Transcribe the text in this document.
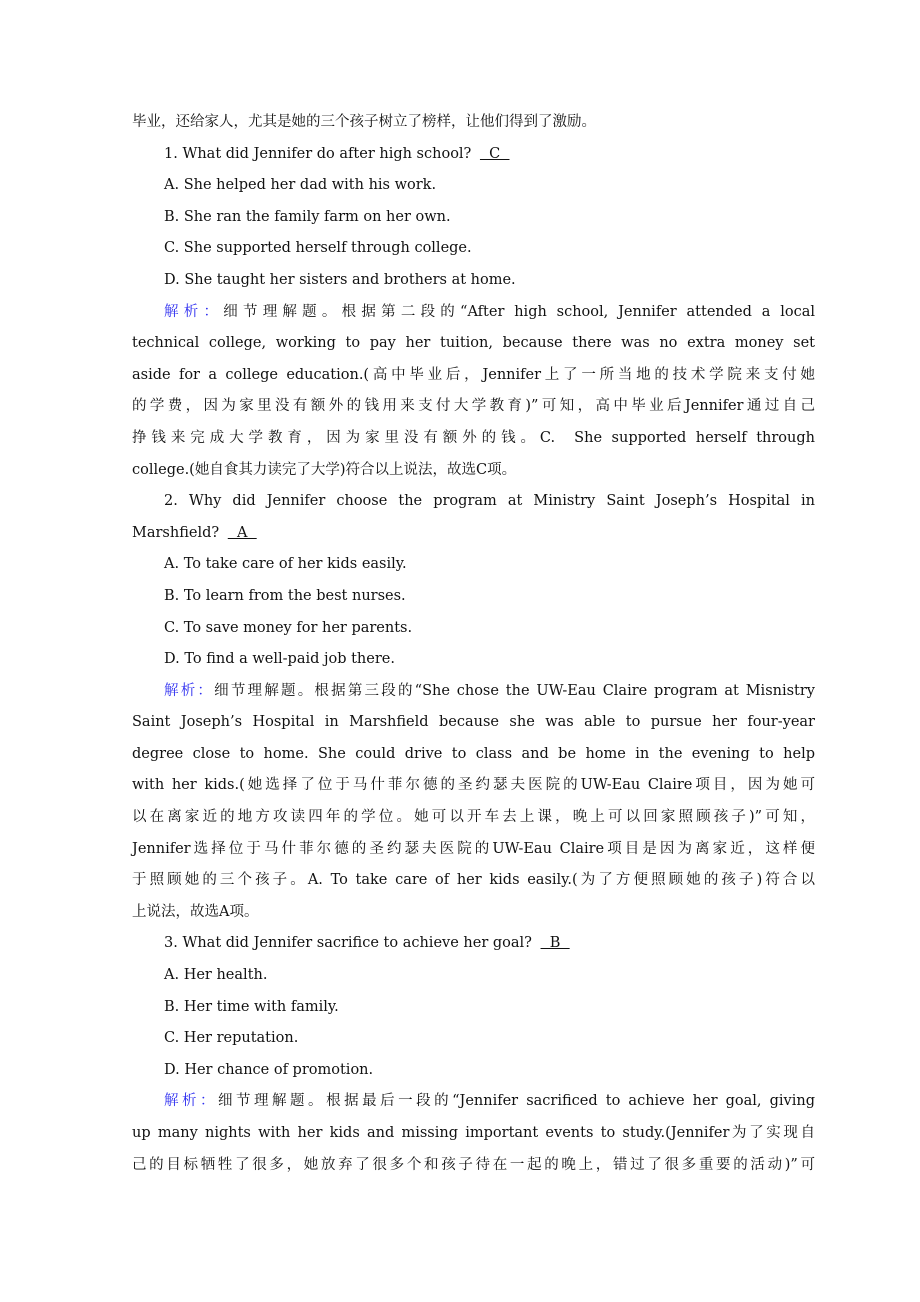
毕业，还给家人，尤其是她的三个孩子树立了榜样，让他们得到了激励。
1. What did Jennifer do after high school?   C
A. She helped her dad with his work.
B. She ran the family farm on her own.
C. She supported herself through college.
D. She taught her sisters and brothers at home.
解析：细节理解题。根据第二段的“After high school, Jennifer attended a local
technical college, working to pay her tuition, because there was no extra money set
aside for a college education.(高中毕业后，Jennifer上了一所当地的技术学院来支付她
的学费，因为家里没有额外的钱用来支付大学教育)”可知，高中毕业后Jennifer通过自己
挣钱来完成大学教育，因为家里没有额外的钱。C.  She supported herself through
college.(她自食其力读完了大学)符合以上说法，故选C项。
2. Why did Jennifer choose the program at Ministry Saint Joseph’s Hospital in
Marshfield?   A
A. To take care of her kids easily.
B. To learn from the best nurses.
C. To save money for her parents.
D. To find a well-paid job there.
解析：细节理解题。根据第三段的“She chose the UW-Eau Claire program at Misnistry
Saint Joseph’s Hospital in Marshfield because she was able to pursue her four-year
degree close to home. She could drive to class and be home in the evening to help
with her kids.(她选择了位于马什菲尔德的圣约瑟夫医院的UW-Eau Claire项目，因为她可
以在离家近的地方攻读四年的学位。她可以开车去上课，晚上可以回家照顾孩子)”可知，
Jennifer选择位于马什菲尔德的圣约瑟夫医院的UW-Eau Claire项目是因为离家近，这样便
于照顾她的三个孩子。A. To take care of her kids easily.(为了方便照顾她的孩子)符合以
上说法，故选A项。
3. What did Jennifer sacrifice to achieve her goal?   B
A. Her health.
B. Her time with family.
C. Her reputation.
D. Her chance of promotion.
解析：细节理解题。根据最后一段的“Jennifer sacrificed to achieve her goal, giving
up many nights with her kids and missing important events to study.(Jennifer为了实现自
己的目标牺牲了很多，她放弃了很多个和孩子待在一起的晚上，错过了很多重要的活动)”可
